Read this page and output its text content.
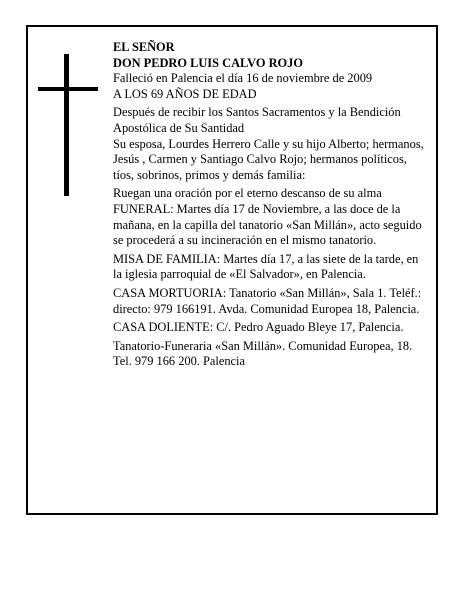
EL SEÑOR

DON PEDRO LUIS CALVO ROJO

Falleció en Palencia el día 16 de noviembre de 2009

A LOS 69 AÑOS DE EDAD

Después de recibir los Santos Sacramentos y la Bendición Apostólica de Su Santidad

Su esposa, Lourdes Herrero Calle y su hijo Alberto; hermanos, Jesús , Carmen y Santiago Calvo Rojo; hermanos políticos, tíos, sobrinos, primos y demás familia:

Ruegan una oración por el eterno descanso de su alma

FUNERAL: Martes día 17 de Noviembre, a las doce de la mañana, en la capilla del tanatorio «San Millán», acto seguido se procederá a su incineración en el mismo tanatorio.

MISA DE FAMILIA: Martes día 17, a las siete de la tarde, en la iglesia parroquial de «El Salvador», en Palencia.

CASA MORTUORIA: Tanatorio «San Millán», Sala 1. Teléf.: directo: 979 166191. Avda. Comunidad Europea 18, Palencia.

CASA DOLIENTE: C/. Pedro Aguado Bleye 17, Palencia.

Tanatorio-Funeraria «San Millán». Comunidad Europea, 18. Tel. 979 166 200. Palencia
